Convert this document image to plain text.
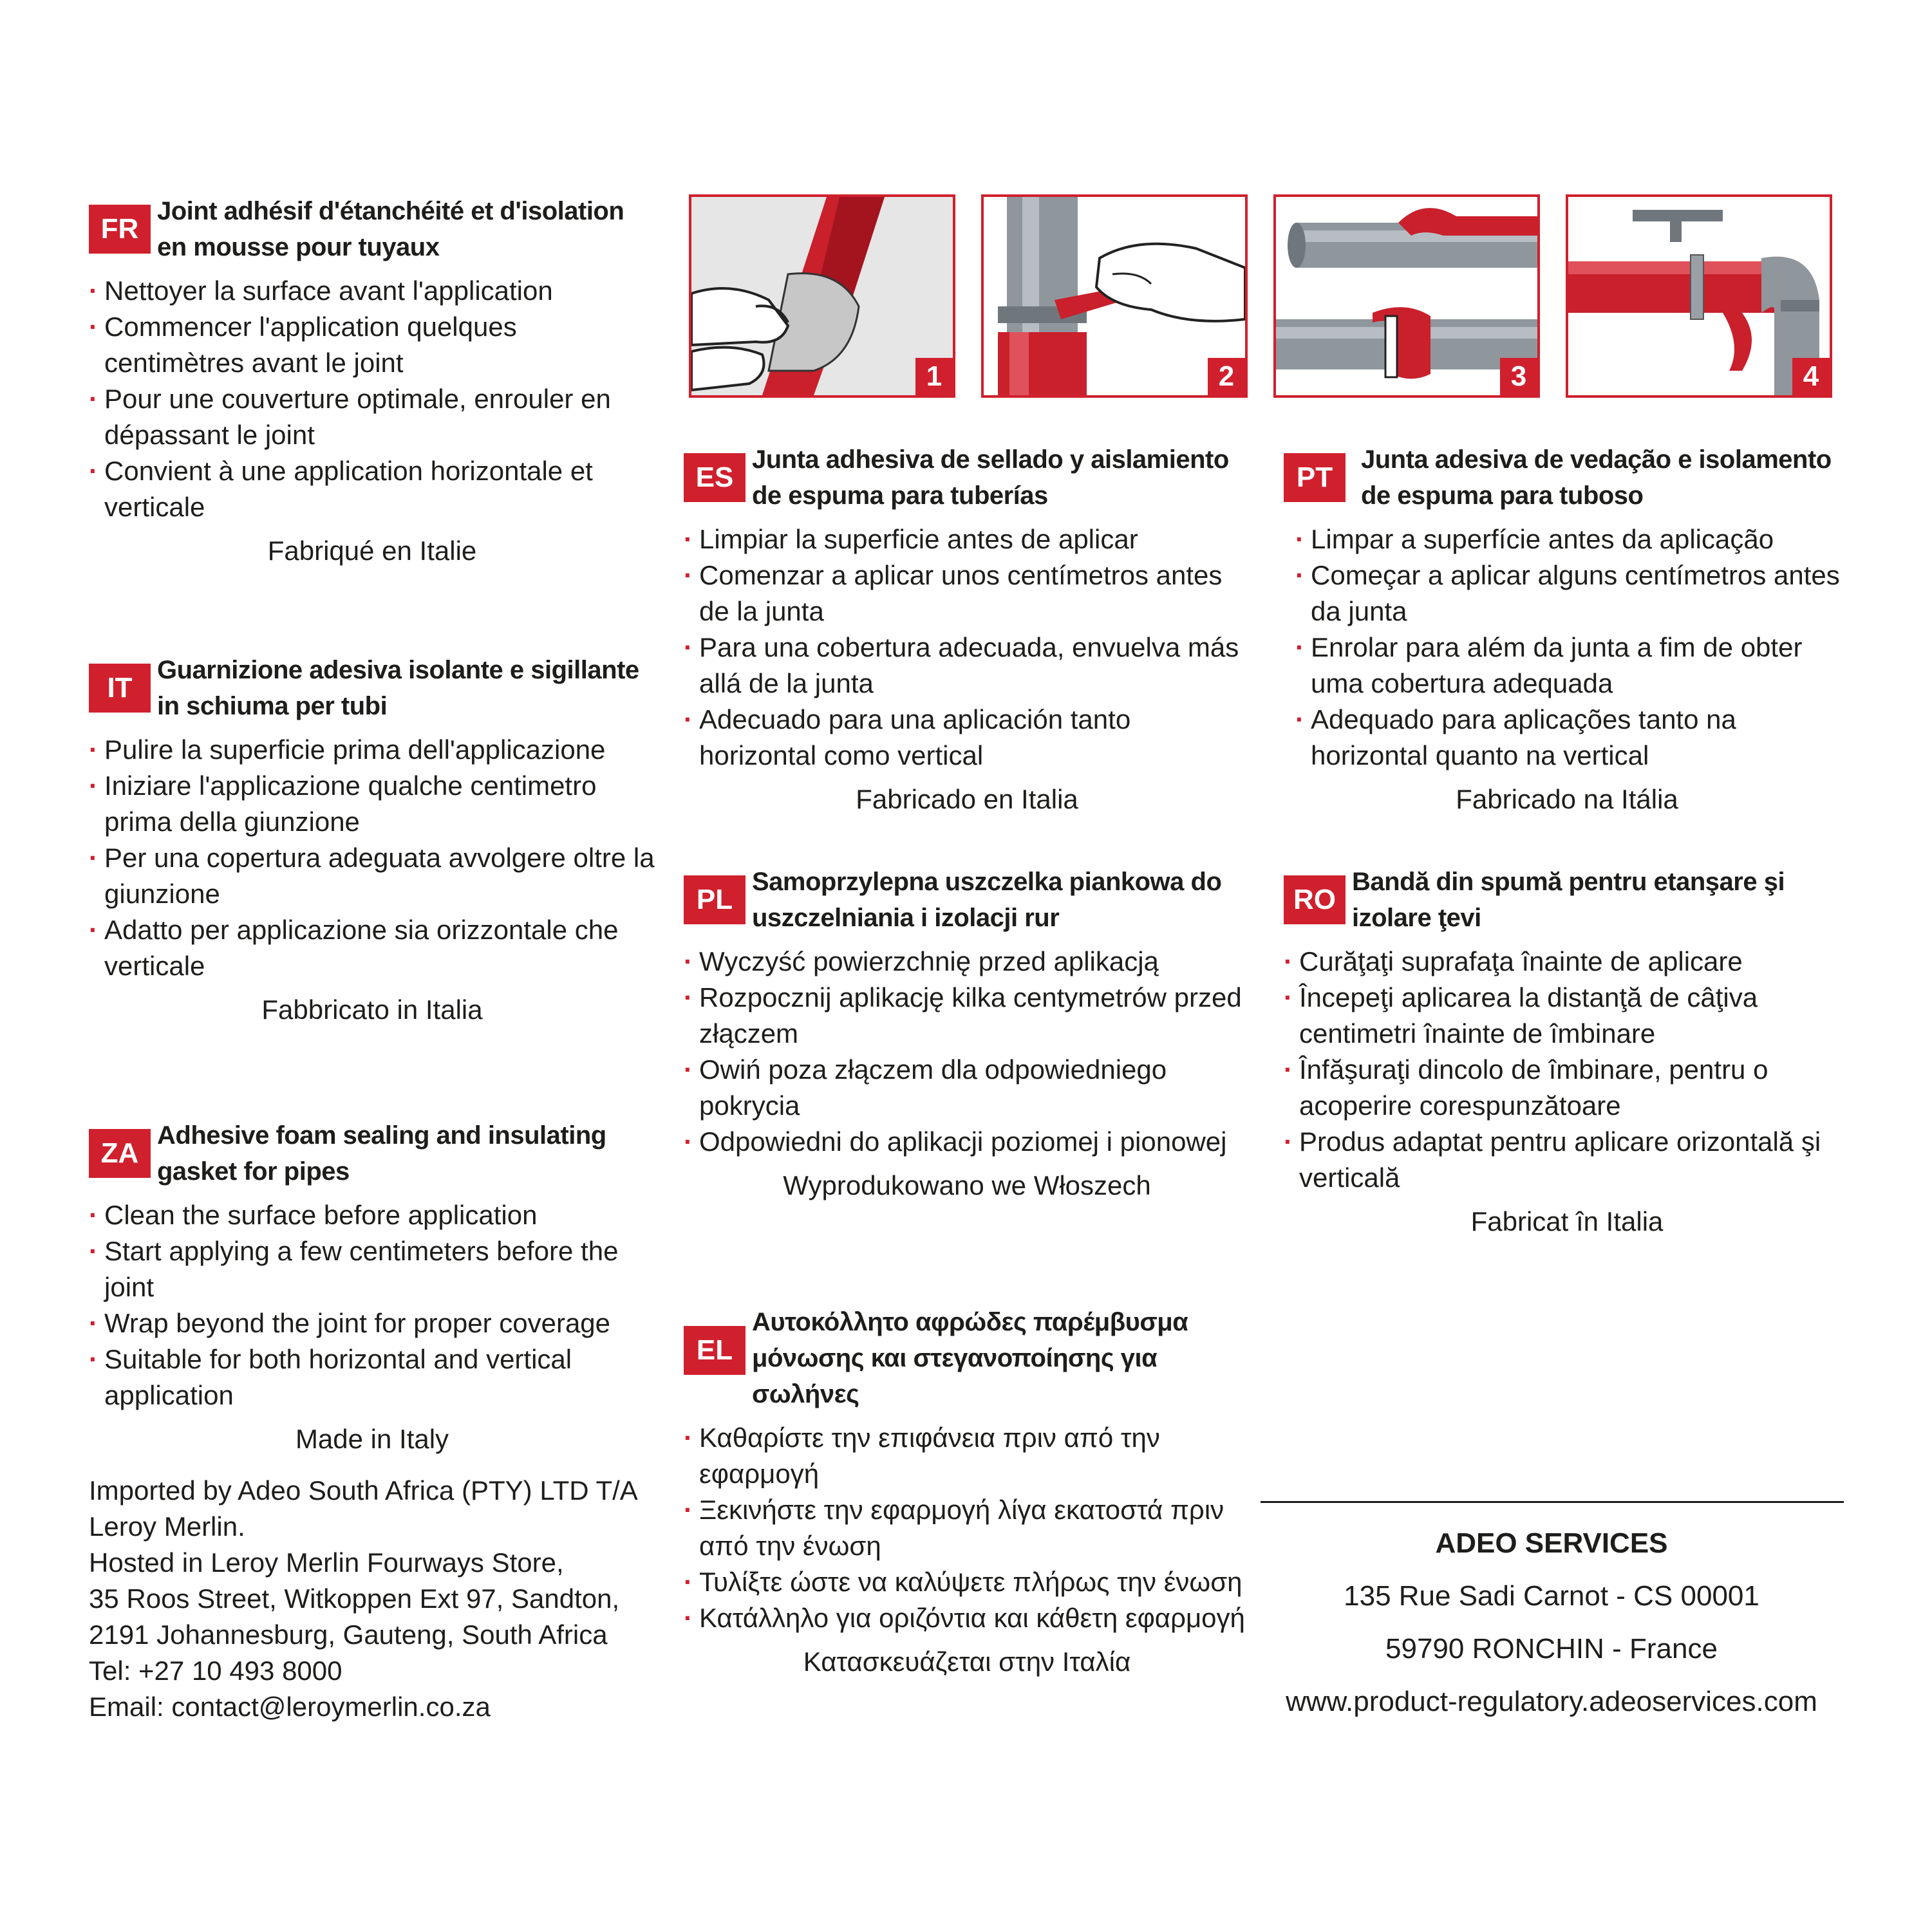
FR
Joint adhésif d'étanchéité et d'isolation en mousse pour tuyaux
· Nettoyer la surface avant l'application
· Commencer l'application quelques centimètres avant le joint
· Pour une couverture optimale, enrouler en dépassant le joint
· Convient à une application horizontale et verticale
Fabriqué en Italie
IT
Guarnizione adesiva isolante e sigillante in schiuma per tubi
· Pulire la superficie prima dell'applicazione
· Iniziare l'applicazione qualche centimetro prima della giunzione
· Per una copertura adeguata avvolgere oltre la giunzione
· Adatto per applicazione sia orizzontale che verticale
Fabbricato in Italia
ZA
Adhesive foam sealing and insulating gasket for pipes
· Clean the surface before application
· Start applying a few centimeters before the joint
· Wrap beyond the joint for proper coverage
· Suitable for both horizontal and vertical application
Made in Italy
Imported by Adeo South Africa (PTY) LTD T/A
Leroy Merlin.
Hosted in Leroy Merlin Fourways Store,
35 Roos Street, Witkoppen Ext 97, Sandton,
2191 Johannesburg, Gauteng, South Africa
Tel: +27 10 493 8000
Email: contact@leroymerlin.co.za
1	2	3	4
ES
Junta adhesiva de sellado y aislamiento de espuma para tuberías
· Limpiar la superficie antes de aplicar
· Comenzar a aplicar unos centímetros antes de la junta
· Para una cobertura adecuada, envuelva más allá de la junta
· Adecuado para una aplicación tanto horizontal como vertical
Fabricado en Italia
PL
Samoprzylepna uszczelka piankowa do uszczelniania i izolacji rur
· Wyczyść powierzchnię przed aplikacją
· Rozpocznij aplikację kilka centymetrów przed złączem
· Owiń poza złączem dla odpowiedniego pokrycia
· Odpowiedni do aplikacji poziomej i pionowej
Wyprodukowano we Włoszech
EL
Αυτοκόλλητο αφρώδες παρέμβυσμα μόνωσης και στεγανοποίησης για σωλήνες
· Καθαρίστε την επιφάνεια πριν από την εφαρμογή
· Ξεκινήστε την εφαρμογή λίγα εκατοστά πριν από την ένωση
· Τυλίξτε ώστε να καλύψετε πλήρως την ένωση
· Κατάλληλο για οριζόντια και κάθετη εφαρμογή
Κατασκευάζεται στην Ιταλία
PT
Junta adesiva de vedação e isolamento de espuma para tuboso
· Limpar a superfície antes da aplicação
· Começar a aplicar alguns centímetros antes da junta
· Enrolar para além da junta a fim de obter uma cobertura adequada
· Adequado para aplicações tanto na horizontal quanto na vertical
Fabricado na Itália
RO
Bandă din spumă pentru etanşare şi izolare ţevi
· Curăţaţi suprafaţa înainte de aplicare
· Începeţi aplicarea la distanţă de câţiva centimetri înainte de îmbinare
· Înfăşuraţi dincolo de îmbinare, pentru o acoperire corespunzătoare
· Produs adaptat pentru aplicare orizontală şi verticală
Fabricat în Italia
ADEO SERVICES
135 Rue Sadi Carnot - CS 00001
59790 RONCHIN - France
www.product-regulatory.adeoservices.com
